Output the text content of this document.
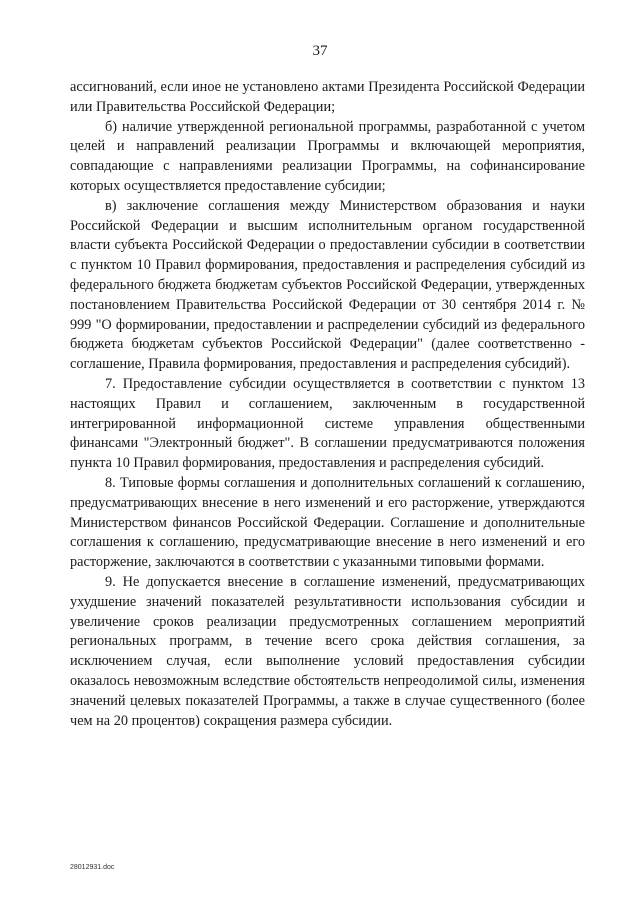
37

ассигнований, если иное не установлено актами Президента Российской Федерации или Правительства Российской Федерации;

б) наличие утвержденной региональной программы, разработанной с учетом целей и направлений реализации Программы и включающей мероприятия, совпадающие с направлениями реализации Программы, на софинансирование которых осуществляется предоставление субсидии;

в) заключение соглашения между Министерством образования и науки Российской Федерации и высшим исполнительным органом государственной власти субъекта Российской Федерации о предоставлении субсидии в соответствии с пунктом 10 Правил формирования, предоставления и распределения субсидий из федерального бюджета бюджетам субъектов Российской Федерации, утвержденных постановлением Правительства Российской Федерации от 30 сентября 2014 г. № 999 "О формировании, предоставлении и распределении субсидий из федерального бюджета бюджетам субъектов Российской Федерации" (далее соответственно - соглашение, Правила формирования, предоставления и распределения субсидий).

7. Предоставление субсидии осуществляется в соответствии с пунктом 13 настоящих Правил и соглашением, заключенным в государственной интегрированной информационной системе управления общественными финансами "Электронный бюджет". В соглашении предусматриваются положения пункта 10 Правил формирования, предоставления и распределения субсидий.

8. Типовые формы соглашения и дополнительных соглашений к соглашению, предусматривающих внесение в него изменений и его расторжение, утверждаются Министерством финансов Российской Федерации. Соглашение и дополнительные соглашения к соглашению, предусматривающие внесение в него изменений и его расторжение, заключаются в соответствии с указанными типовыми формами.

9. Не допускается внесение в соглашение изменений, предусматривающих ухудшение значений показателей результативности использования субсидии и увеличение сроков реализации предусмотренных соглашением мероприятий региональных программ, в течение всего срока действия соглашения, за исключением случая, если выполнение условий предоставления субсидии оказалось невозможным вследствие обстоятельств непреодолимой силы, изменения значений целевых показателей Программы, а также в случае существенного (более чем на 20 процентов) сокращения размера субсидии.

28012931.doc
